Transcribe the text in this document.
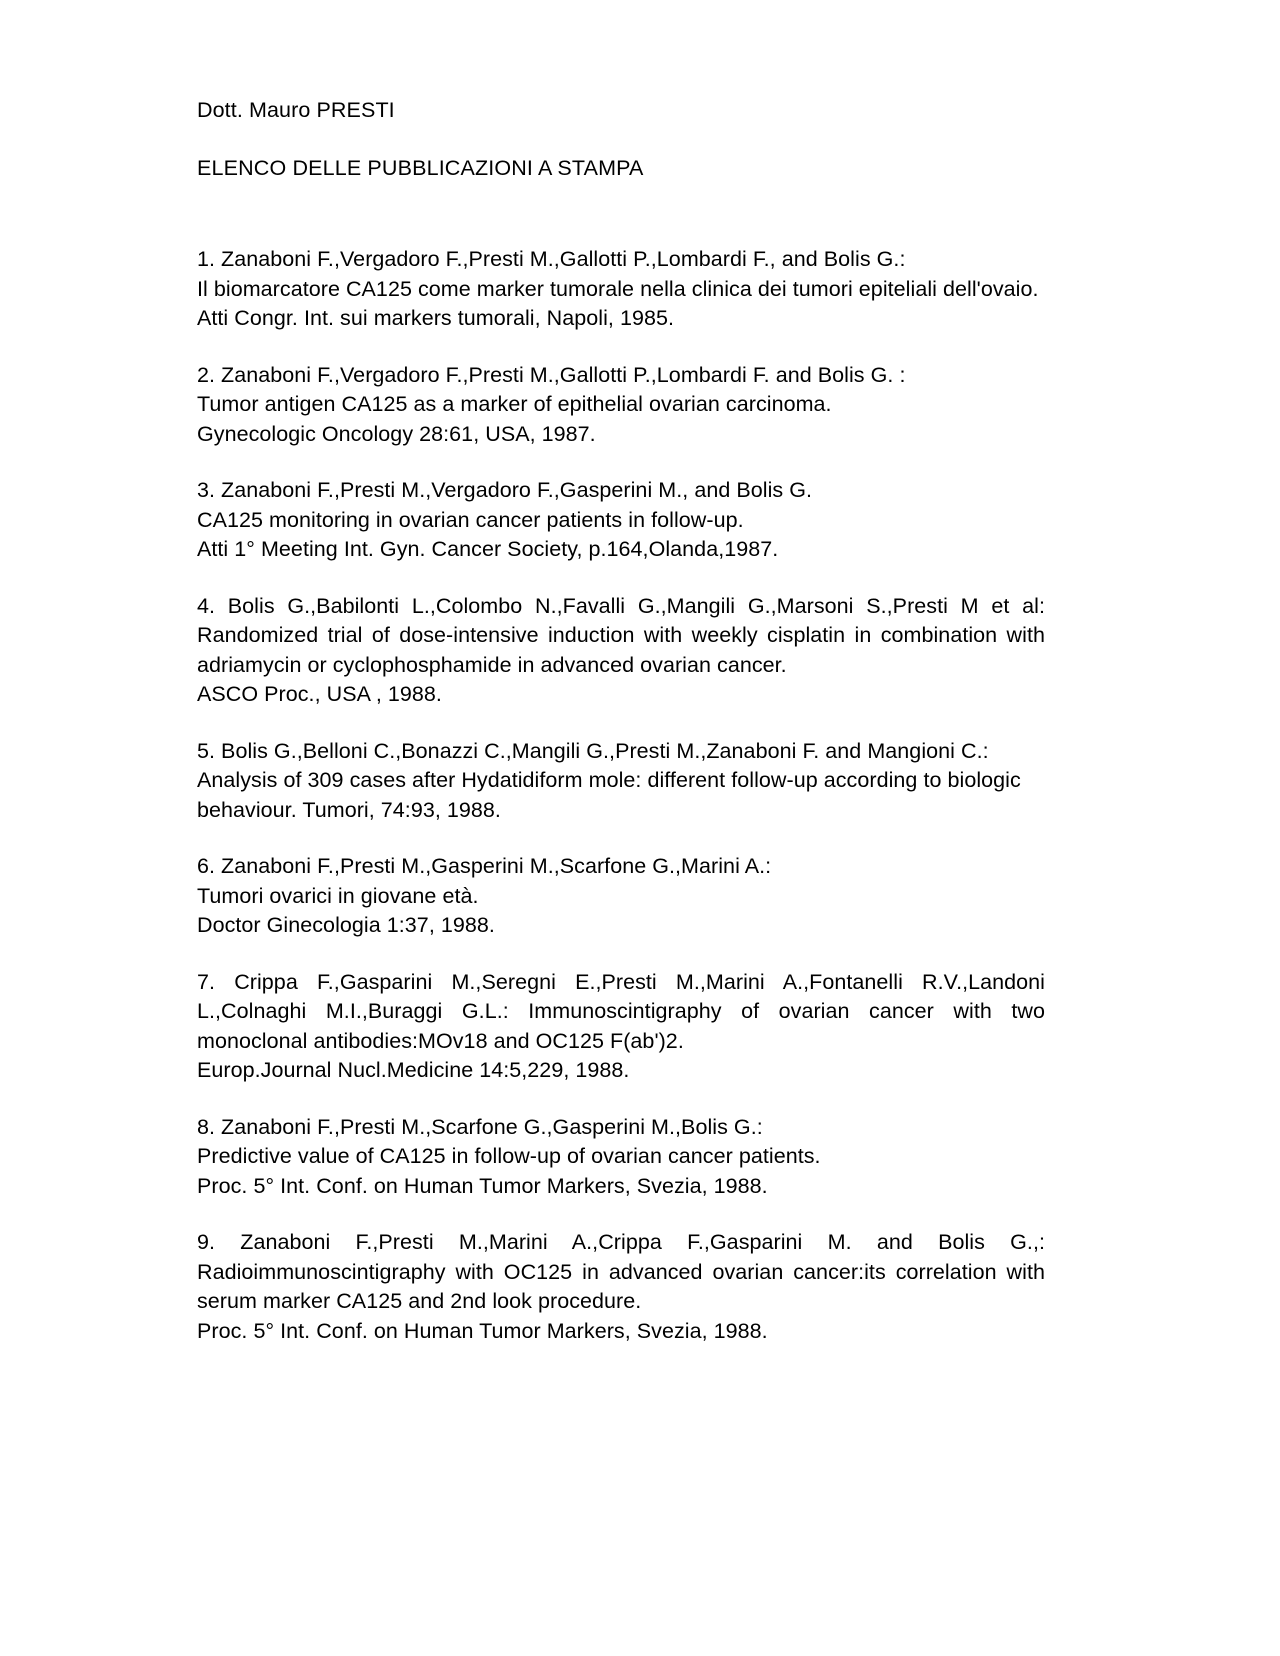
Dott. Mauro PRESTI
ELENCO DELLE PUBBLICAZIONI A STAMPA

1. Zanaboni F.,Vergadoro F.,Presti M.,Gallotti P.,Lombardi F., and Bolis G.:

Il biomarcatore CA125 come marker tumorale nella clinica dei tumori epiteliali dell'ovaio.

Atti Congr. Int. sui markers tumorali, Napoli, 1985.

2. Zanaboni F.,Vergadoro F.,Presti M.,Gallotti P.,Lombardi F. and Bolis G. :

Tumor antigen CA125 as a marker of epithelial ovarian carcinoma.

Gynecologic Oncology 28:61, USA, 1987.

3. Zanaboni F.,Presti M.,Vergadoro F.,Gasperini M., and Bolis G.

CA125 monitoring in ovarian cancer patients in follow-up.

Atti 1° Meeting Int. Gyn. Cancer Society, p.164,Olanda,1987.

4. Bolis G.,Babilonti L.,Colombo N.,Favalli G.,Mangili G.,Marsoni S.,Presti M et al: Randomized trial of dose-intensive induction with weekly cisplatin in combination with adriamycin or cyclophosphamide in advanced ovarian cancer.

ASCO Proc., USA , 1988.

5. Bolis G.,Belloni C.,Bonazzi C.,Mangili G.,Presti M.,Zanaboni F. and Mangioni C.: Analysis of 309 cases after Hydatidiform mole: different follow-up according to biologic behaviour. Tumori, 74:93, 1988.

6. Zanaboni F.,Presti M.,Gasperini M.,Scarfone G.,Marini A.:

Tumori ovarici in giovane età.

Doctor Ginecologia 1:37, 1988.

7. Crippa F.,Gasparini M.,Seregni E.,Presti M.,Marini A.,Fontanelli R.V.,Landoni L.,Colnaghi M.I.,Buraggi G.L.: Immunoscintigraphy of ovarian cancer with two monoclonal antibodies:MOv18 and OC125 F(ab')2.

Europ.Journal Nucl.Medicine 14:5,229, 1988.

8. Zanaboni F.,Presti M.,Scarfone G.,Gasperini M.,Bolis G.:

Predictive value of CA125 in follow-up of ovarian cancer patients.

Proc. 5° Int. Conf. on Human Tumor Markers, Svezia, 1988.

9. Zanaboni F.,Presti M.,Marini A.,Crippa F.,Gasparini M. and Bolis G.,: Radioimmunoscintigraphy with OC125 in advanced ovarian cancer:its correlation with serum marker CA125 and 2nd look procedure.

Proc. 5° Int. Conf. on Human Tumor Markers, Svezia, 1988.
